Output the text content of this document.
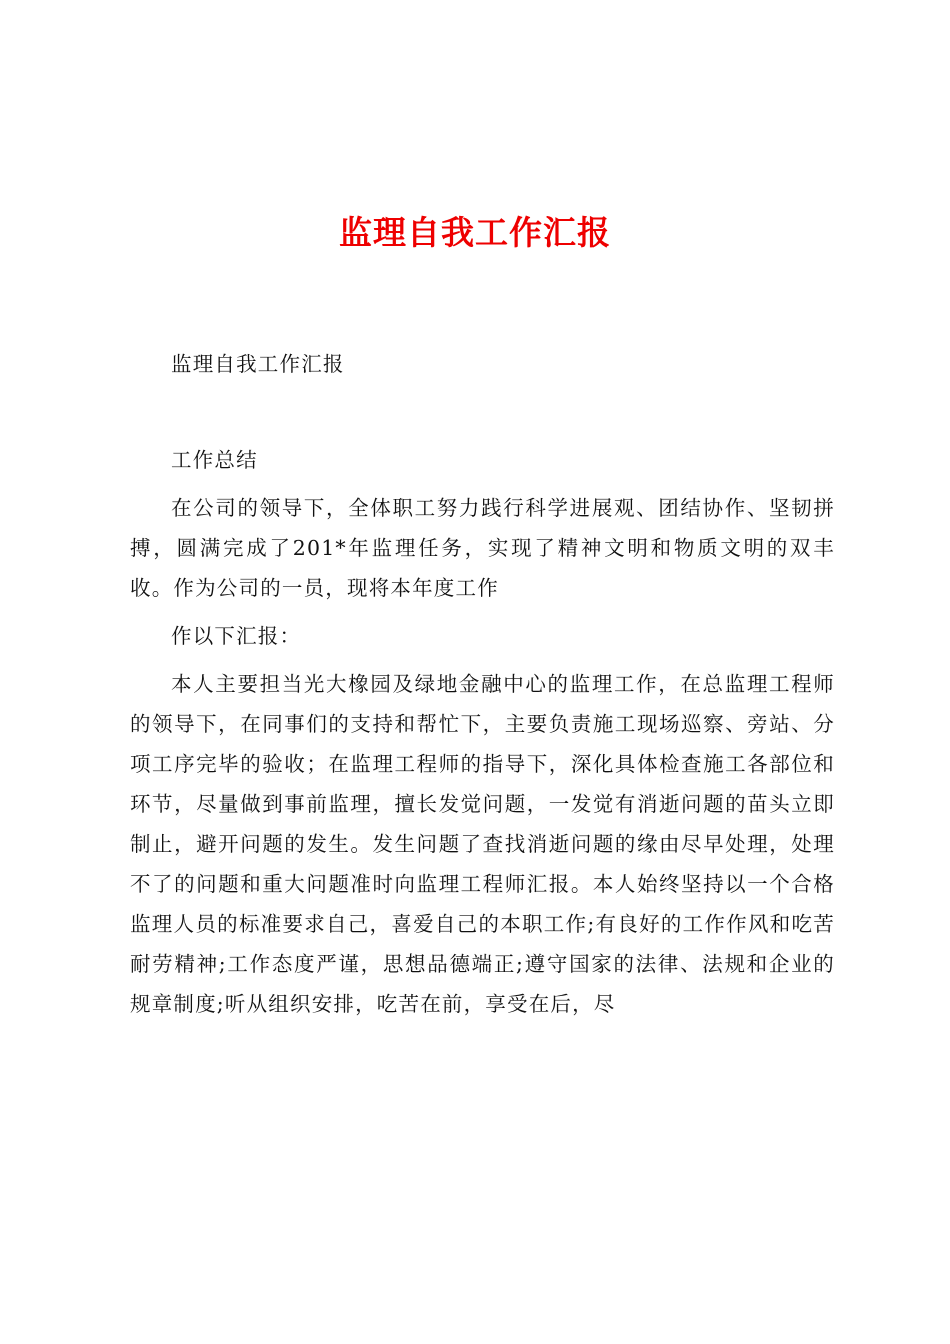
监理自我工作汇报

监理自我工作汇报

工作总结

在公司的领导下，全体职工努力践行科学进展观、团结协作、坚韧拼搏，圆满完成了201*年监理任务，实现了精神文明和物质文明的双丰收。作为公司的一员，现将本年度工作

作以下汇报：

本人主要担当光大橡园及绿地金融中心的监理工作，在总监理工程师的领导下，在同事们的支持和帮忙下，主要负责施工现场巡察、旁站、分项工序完毕的验收；在监理工程师的指导下，深化具体检查施工各部位和环节，尽量做到事前监理，擅长发觉问题，一发觉有消逝问题的苗头立即制止，避开问题的发生。发生问题了查找消逝问题的缘由尽早处理，处理不了的问题和重大问题准时向监理工程师汇报。本人始终坚持以一个合格监理人员的标准要求自己，喜爱自己的本职工作;有良好的工作作风和吃苦耐劳精神;工作态度严谨，思想品德端正;遵守国家的法律、法规和企业的规章制度;听从组织安排，吃苦在前，享受在后，尽
